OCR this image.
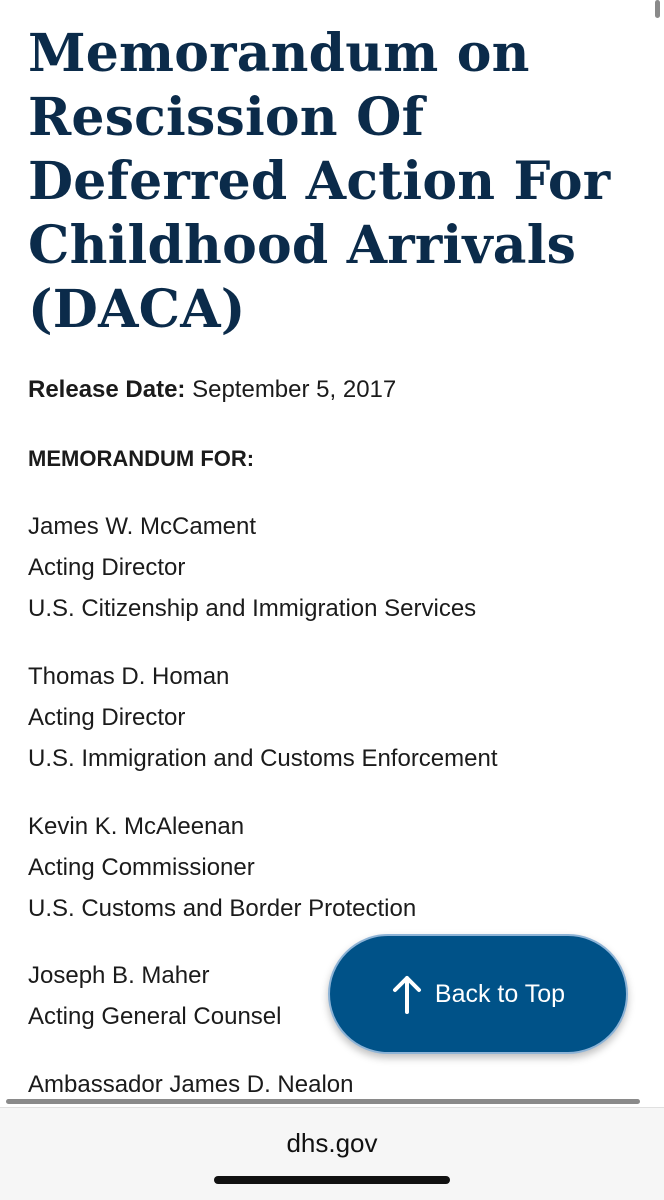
Memorandum on Rescission Of Deferred Action For Childhood Arrivals (DACA)
Release Date: September 5, 2017
MEMORANDUM FOR:
James W. McCament
Acting Director
U.S. Citizenship and Immigration Services
Thomas D. Homan
Acting Director
U.S. Immigration and Customs Enforcement
Kevin K. McAleenan
Acting Commissioner
U.S. Customs and Border Protection
Joseph B. Maher
Acting General Counsel
Ambassador James D. Nealon
Back to Top
dhs.gov
